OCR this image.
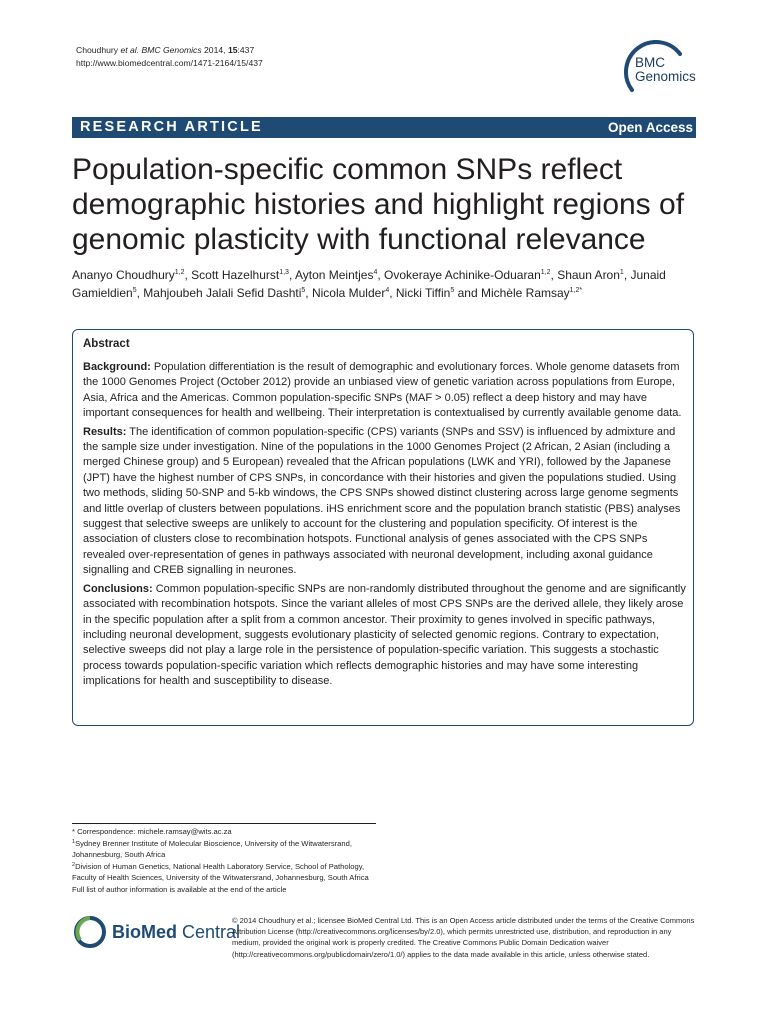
Choudhury et al. BMC Genomics 2014, 15:437
http://www.biomedcentral.com/1471-2164/15/437	BMC
Genomics
RESEARCH ARTICLE	Open Access
Population-specific common SNPs reflect demographic histories and highlight regions of genomic plasticity with functional relevance
Ananyo Choudhury$^{1,2}$, Scott Hazelhurst$^{1,3}$, Ayton Meintjes$^4$, Ovokeraye Achinike-Oduaran$^{1,2}$, Shaun Aron$^1$, Junaid Gamieldien$^5$, Mahjoubeh Jalali Sefid Dashti$^5$, Nicola Mulder$^4$, Nicki Tiffin$^5$ and Michèle Ramsay$^{1,2*}$
Abstract

Background: Population differentiation is the result of demographic and evolutionary forces. Whole genome datasets from the 1000 Genomes Project (October 2012) provide an unbiased view of genetic variation across populations from Europe, Asia, Africa and the Americas. Common population-specific SNPs (MAF > 0.05) reflect a deep history and may have important consequences for health and wellbeing. Their interpretation is contextualised by currently available genome data.

Results: The identification of common population-specific (CPS) variants (SNPs and SSV) is influenced by admixture and the sample size under investigation. Nine of the populations in the 1000 Genomes Project (2 African, 2 Asian (including a merged Chinese group) and 5 European) revealed that the African populations (LWK and YRI), followed by the Japanese (JPT) have the highest number of CPS SNPs, in concordance with their histories and given the populations studied. Using two methods, sliding 50-SNP and 5-kb windows, the CPS SNPs showed distinct clustering across large genome segments and little overlap of clusters between populations. iHS enrichment score and the population branch statistic (PBS) analyses suggest that selective sweeps are unlikely to account for the clustering and population specificity. Of interest is the association of clusters close to recombination hotspots. Functional analysis of genes associated with the CPS SNPs revealed over-representation of genes in pathways associated with neuronal development, including axonal guidance signalling and CREB signalling in neurones.

Conclusions: Common population-specific SNPs are non-randomly distributed throughout the genome and are significantly associated with recombination hotspots. Since the variant alleles of most CPS SNPs are the derived allele, they likely arose in the specific population after a split from a common ancestor. Their proximity to genes involved in specific pathways, including neuronal development, suggests evolutionary plasticity of selected genomic regions. Contrary to expectation, selective sweeps did not play a large role in the persistence of population-specific variation. This suggests a stochastic process towards population-specific variation which reflects demographic histories and may have some interesting implications for health and susceptibility to disease.

* Correspondence: michele.ramsay@wits.ac.za
$^1$Sydney Brenner Institute of Molecular Bioscience, University of the Witwatersrand, Johannesburg, South Africa
$^2$Division of Human Genetics, National Health Laboratory Service, School of Pathology, Faculty of Health Sciences, University of the Witwatersrand, Johannesburg, South Africa
Full list of author information is available at the end of the article
BioMed Central
© 2014 Choudhury et al.; licensee BioMed Central Ltd. This is an Open Access article distributed under the terms of the Creative Commons Attribution License (http://creativecommons.org/licenses/by/2.0), which permits unrestricted use, distribution, and reproduction in any medium, provided the original work is properly credited. The Creative Commons Public Domain Dedication waiver (http://creativecommons.org/publicdomain/zero/1.0/) applies to the data made available in this article, unless otherwise stated.
